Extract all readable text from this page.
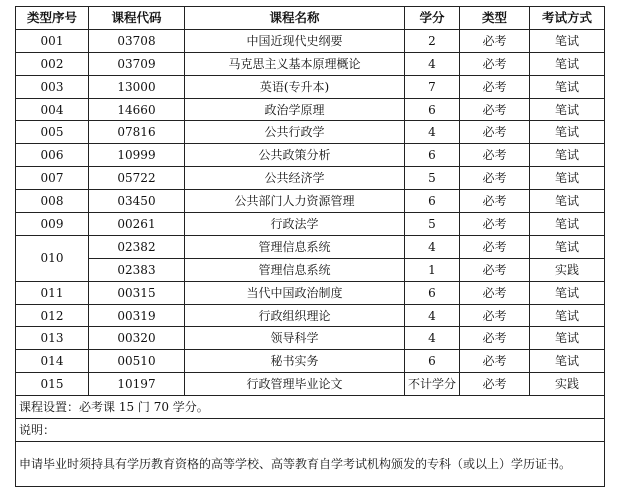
类型序号	课程代码	课程名称	学分	类型	考试方式
001	03708	中国近现代史纲要	2	必考	笔试
002	03709	马克思主义基本原理概论	4	必考	笔试
003	13000	英语(专升本)	7	必考	笔试
004	14660	政治学原理	6	必考	笔试
005	07816	公共行政学	4	必考	笔试
006	10999	公共政策分析	6	必考	笔试
007	05722	公共经济学	5	必考	笔试
008	03450	公共部门人力资源管理	6	必考	笔试
009	00261	行政法学	5	必考	笔试
010	02382	管理信息系统	4	必考	笔试
	02383	管理信息系统	1	必考	实践
011	00315	当代中国政治制度	6	必考	笔试
012	00319	行政组织理论	4	必考	笔试
013	00320	领导科学	4	必考	笔试
014	00510	秘书实务	6	必考	笔试
015	10197	行政管理毕业论文	不计学分	必考	实践
课程设置：必考课 15 门 70 学分。					
说明：					
申请毕业时须持具有学历教育资格的高等学校、高等教育自学考试机构颁发的专科（或以上）学历证书。					
